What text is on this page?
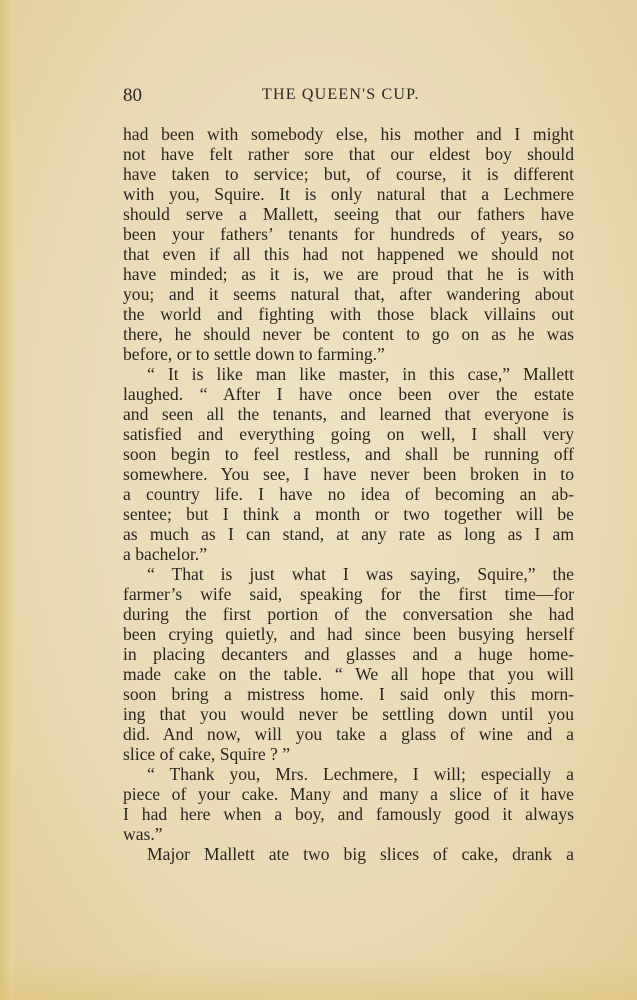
80	THE QUEEN'S CUP.
had been with somebody else, his mother and I might
not have felt rather sore that our eldest boy should
have taken to service; but, of course, it is different
with you, Squire. It is only natural that a Lechmere
should serve a Mallett, seeing that our fathers have
been your fathers’ tenants for hundreds of years, so
that even if all this had not happened we should not
have minded; as it is, we are proud that he is with
you; and it seems natural that, after wandering about
the world and fighting with those black villains out
there, he should never be content to go on as he was
before, or to settle down to farming.”
“ It is like man like master, in this case,” Mallett
laughed. “ After I have once been over the estate
and seen all the tenants, and learned that everyone is
satisfied and everything going on well, I shall very
soon begin to feel restless, and shall be running off
somewhere. You see, I have never been broken in to
a country life. I have no idea of becoming an ab-
sentee; but I think a month or two together will be
as much as I can stand, at any rate as long as I am
a bachelor.”
“ That is just what I was saying, Squire,” the
farmer’s wife said, speaking for the first time—for
during the first portion of the conversation she had
been crying quietly, and had since been busying herself
in placing decanters and glasses and a huge home-
made cake on the table. “ We all hope that you will
soon bring a mistress home. I said only this morn-
ing that you would never be settling down until you
did. And now, will you take a glass of wine and a
slice of cake, Squire ? ”
“ Thank you, Mrs. Lechmere, I will; especially a
piece of your cake. Many and many a slice of it have
I had here when a boy, and famously good it always
was.”
Major Mallett ate two big slices of cake, drank a
